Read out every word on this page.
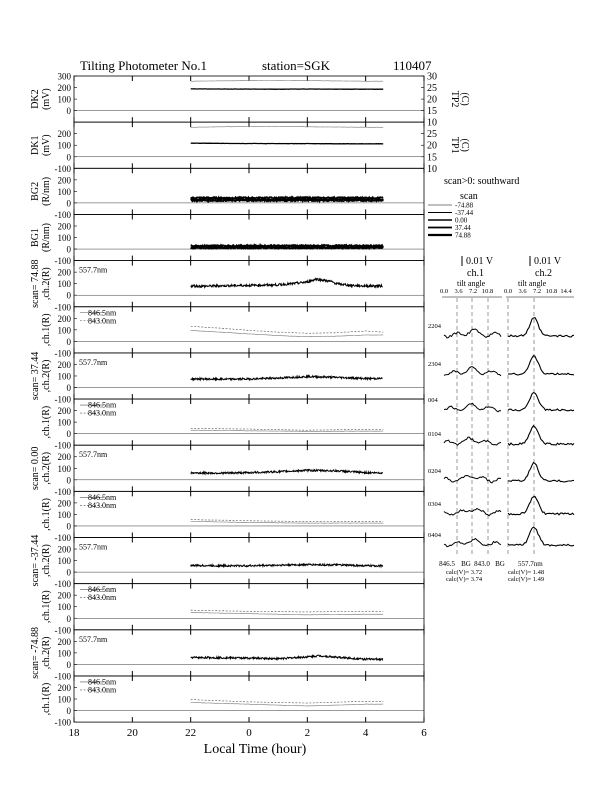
Tilting Photometer No.1	station=SGK	110407
0
100
200
300
DK2 (mV)
10
15
20
25
30
TP2 (C)
-100
0
100
200
DK1 (mV)
10
15
20
25
TP1 (C)
-100
0
100
200
BG2 (R/nm)
-100
0
100
200
BG1 (R/nm)
-100
0
100
200
scan= 74.88 ,ch.2(R)	557.7nm
-100
0
100
200
,ch.1(R)
846.5nm
843.0nm
-100
0
100
200
scan= 37.44 ,ch.2(R)	557.7nm
-100
0
100
200
,ch.1(R)
846.5nm
843.0nm
-100
0
100
200
scan= 0.00 ,ch.2(R)	557.7nm
-100
0
100
200
,ch.1(R)
846.5nm
843.0nm
-100
0
100
200
scan= -37.44 ,ch.2(R)	557.7nm
-100
0
100
200
,ch.1(R)
846.5nm
843.0nm
-100
0
100
200
scan= -74.88 ,ch.2(R)	557.7nm
-100
0
100
200
,ch.1(R)
846.5nm
843.0nm
18	20	22	0	2	4	6
Local Time (hour)
scan>0: southward
scan
-74.88
-37.44
0.00
37.44
74.88
0.01 V	0.01 V
ch.1	ch.2
tilt angle	tilt angle
0.0 3.6 7.2 10.8 0.0 3.6 7.2 10.8 14.4
2204
2304
004
0104
0204
0304
0404
846.5 BG 843.0 BG 557.7nm
calc(V)= 3.72
calc(V)= 3.74
calc(V)= 1.48
calc(V)= 1.49
